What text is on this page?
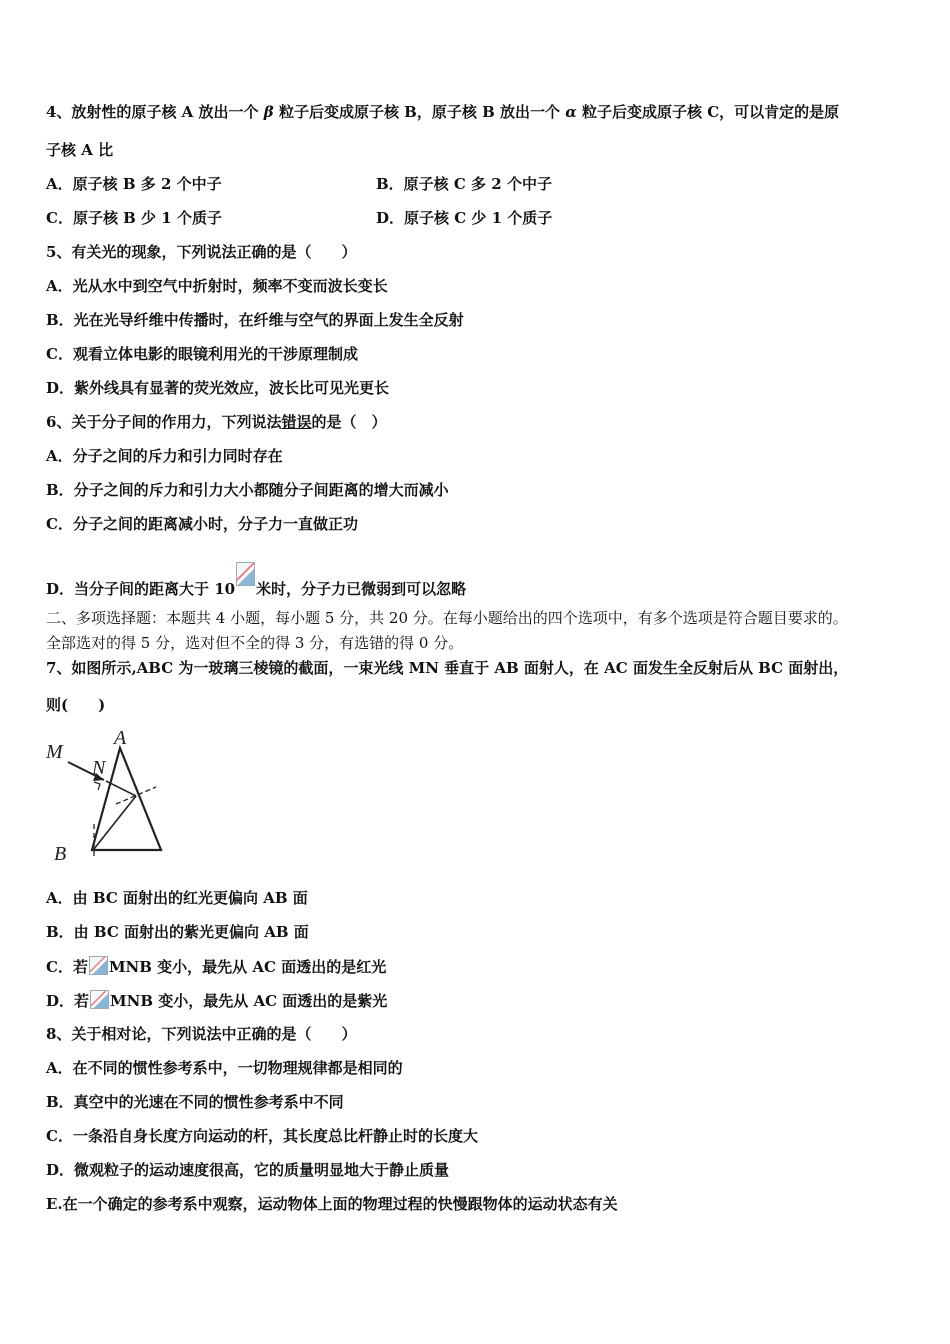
4、放射性的原子核 A 放出一个 β 粒子后变成原子核 B，原子核 B 放出一个 α 粒子后变成原子核 C，可以肯定的是原
子核 A 比
A．原子核 B 多 2 个中子	B．原子核 C 多 2 个中子
C．原子核 B 少 1 个质子	D．原子核 C 少 1 个质子
5、有关光的现象，下列说法正确的是（　　）
A．光从水中到空气中折射时，频率不变而波长变长
B．光在光导纤维中传播时，在纤维与空气的界面上发生全反射
C．观看立体电影的眼镜利用光的干涉原理制成
D．紫外线具有显著的荧光效应，波长比可见光更长
6、关于分子间的作用力，下列说法错误的是（　）
A．分子之间的斥力和引力同时存在
B．分子之间的斥力和引力大小都随分子间距离的增大而减小
C．分子之间的距离减小时，分子力一直做正功
D．当分子间的距离大于 10 米时，分子力已微弱到可以忽略
二、多项选择题：本题共 4 小题，每小题 5 分，共 20 分。在每小题给出的四个选项中，有多个选项是符合题目要求的。
全部选对的得 5 分，选对但不全的得 3 分，有选错的得 0 分。
7、如图所示,ABC 为一玻璃三棱镜的截面，一束光线 MN 垂直于 AB 面射人，在 AC 面发生全反射后从 BC 面射出，
则(　　)
M
N
A
B
A．由 BC 面射出的红光更偏向 AB 面
B．由 BC 面射出的紫光更偏向 AB 面
C．若 MNB 变小，最先从 AC 面透出的是红光
D．若 MNB 变小，最先从 AC 面透出的是紫光
8、关于相对论，下列说法中正确的是（　　）
A．在不同的惯性参考系中，一切物理规律都是相同的
B．真空中的光速在不同的惯性参考系中不同
C．一条沿自身长度方向运动的杆，其长度总比杆静止时的长度大
D．微观粒子的运动速度很高，它的质量明显地大于静止质量
E.在一个确定的参考系中观察，运动物体上面的物理过程的快慢跟物体的运动状态有关
